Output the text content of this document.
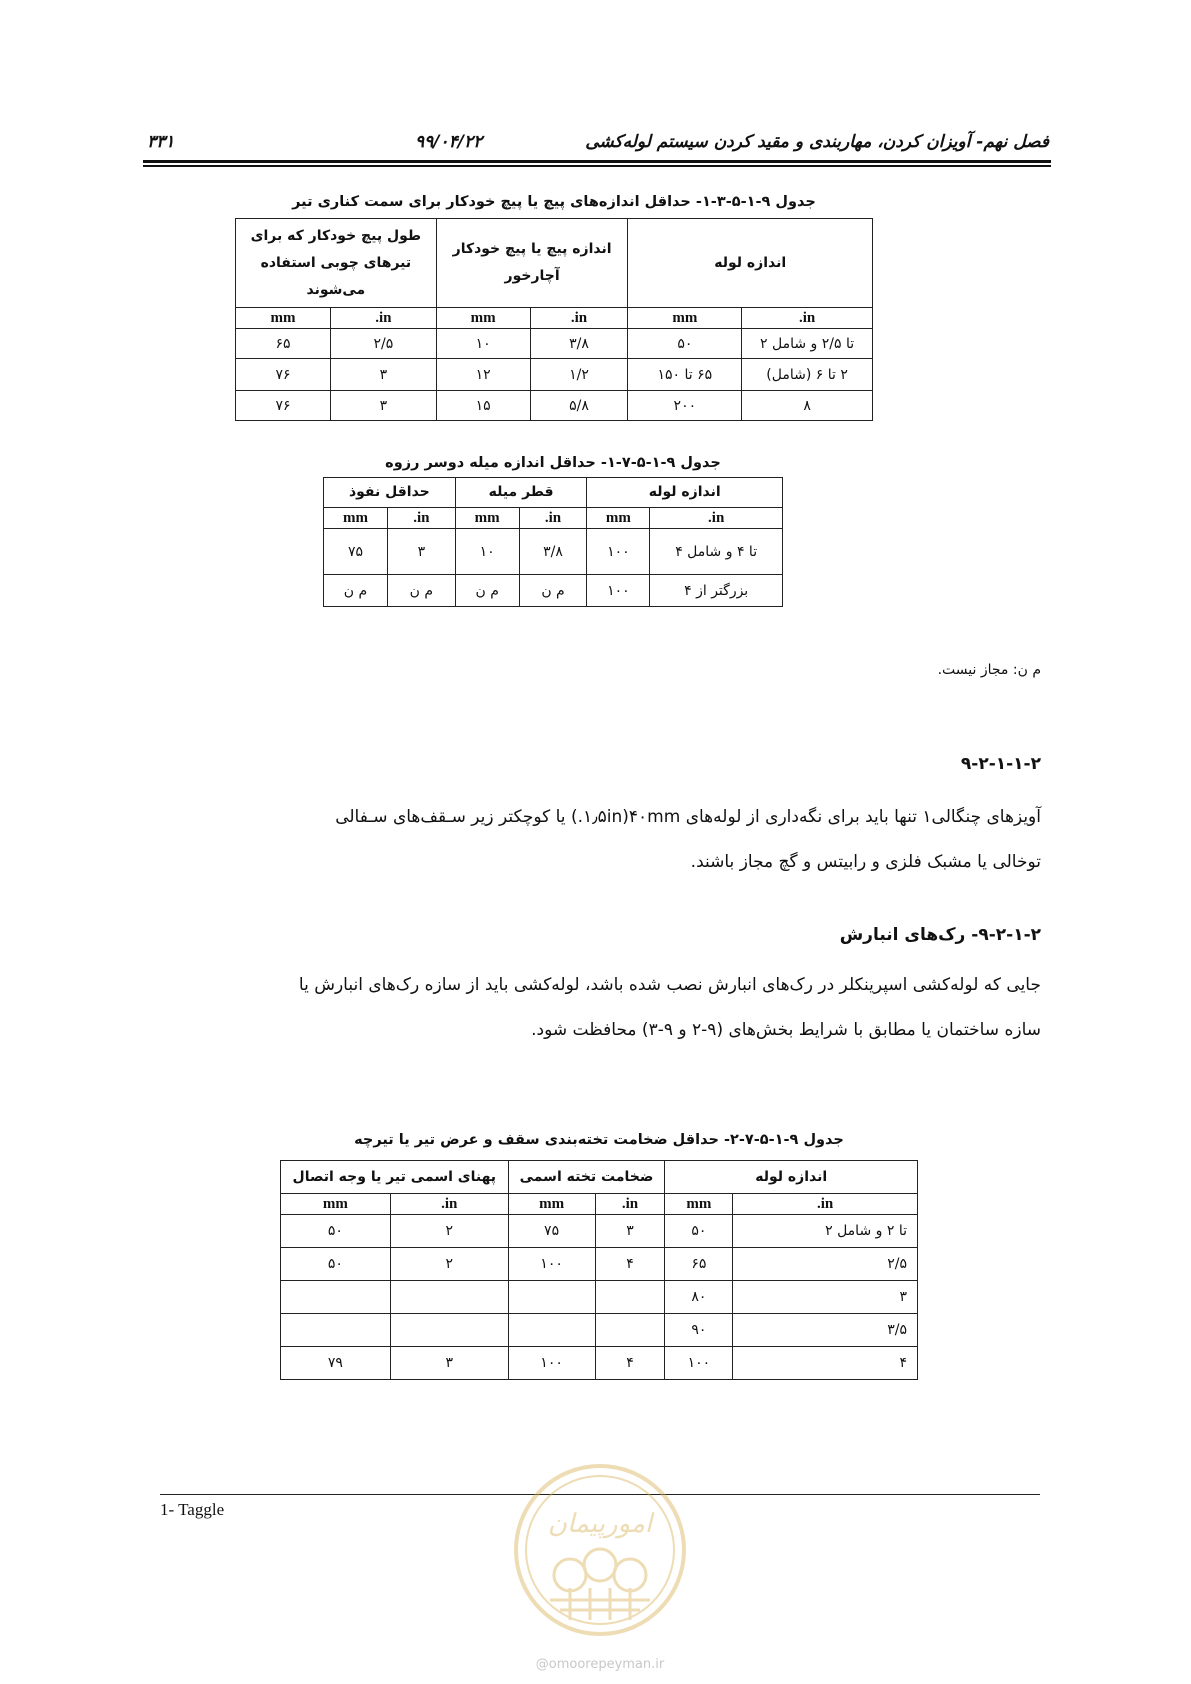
۳۳۱	۹۹/۰۴/۲۲	فصل نهم- آویزان کردن، مهاربندی و مقید کردن سیستم لوله‌کشی
جدول ۹-۱-۵-۳-۱- حداقل اندازه‌های پیچ یا پیچ خودکار برای سمت کناری تیر
اندازه لوله		اندازه پیچ یا پیچ خودکار آچارخور		طول پیچ خودکار که برای تیرهای چوبی استفاده می‌شوند	
in.	mm	in.	mm	in.	mm
تا ۲/۵ و شامل ۲	۵۰	۳/۸	۱۰	۲/۵	۶۵
۲ تا ۶ (شامل)	۶۵ تا ۱۵۰	۱/۲	۱۲	۳	۷۶
۸	۲۰۰	۵/۸	۱۵	۳	۷۶
جدول ۹-۱-۵-۷-۱- حداقل اندازه میله دوسر رزوه
اندازه لوله		قطر میله		حداقل نفوذ	
in.	mm	in.	mm	in.	mm
تا ۴ و شامل ۴	۱۰۰	۳/۸	۱۰	۳	۷۵
بزرگتر از ۴	۱۰۰	م ن	م ن	م ن	م ن
م ن: مجاز نیست.
۹-۲-۱-۱-۲
آویزهای چنگالی۱ تنها باید برای نگه‌داری از لوله‌های ۴۰mm(۱٫۵in.) یا کوچکتر زیر سـقف‌های سـفالی
توخالی یا مشبک فلزی و رابیتس و گچ مجاز باشند.
۹-۲-۱-۲- رک‌های انبارش
جایی که لوله‌کشی اسپرینکلر در رک‌های انبارش نصب شده باشد، لوله‌کشی باید از سازه رک‌های انبارش یا
سازه ساختمان یا مطابق با شرایط بخش‌های (۹-۲ و ۹-۳) محافظت شود.
جدول ۹-۱-۵-۷-۲- حداقل ضخامت تخته‌بندی سقف و عرض تیر یا تیرچه
اندازه لوله		ضخامت تخته اسمی		پهنای اسمی تیر یا وجه اتصال	
in.	mm	in.	mm	in.	mm
تا ۲ و شامل ۲	۵۰	۳	۷۵	۲	۵۰
۲/۵	۶۵	۴	۱۰۰	۲	۵۰
۳	۸۰				
۳/۵	۹۰				
۴	۱۰۰	۴	۱۰۰	۳	۷۹
1- Taggle	امورپیمان
@omoorepeyman.ir
